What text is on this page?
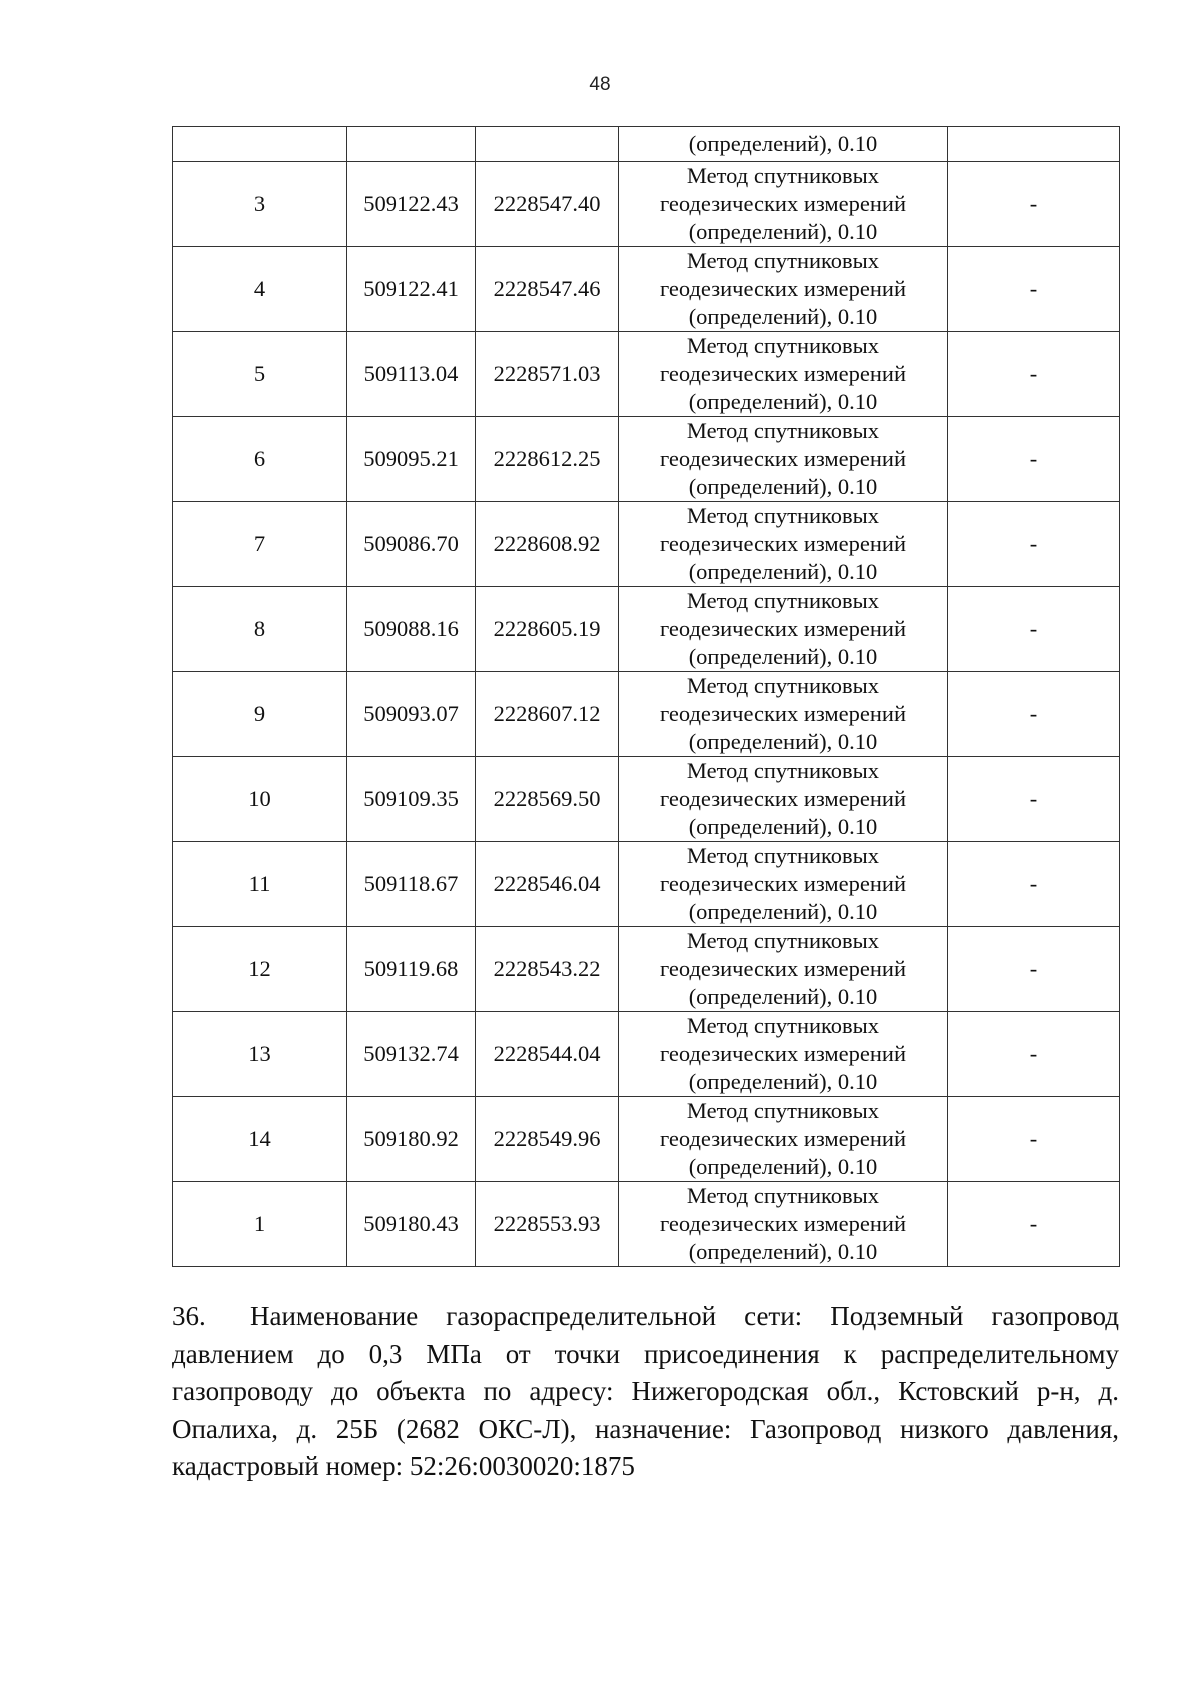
48
			(определений), 0.10	
3	509122.43	2228547.40	Метод спутниковых
геодезических измерений
(определений), 0.10	-
4	509122.41	2228547.46	Метод спутниковых
геодезических измерений
(определений), 0.10	-
5	509113.04	2228571.03	Метод спутниковых
геодезических измерений
(определений), 0.10	-
6	509095.21	2228612.25	Метод спутниковых
геодезических измерений
(определений), 0.10	-
7	509086.70	2228608.92	Метод спутниковых
геодезических измерений
(определений), 0.10	-
8	509088.16	2228605.19	Метод спутниковых
геодезических измерений
(определений), 0.10	-
9	509093.07	2228607.12	Метод спутниковых
геодезических измерений
(определений), 0.10	-
10	509109.35	2228569.50	Метод спутниковых
геодезических измерений
(определений), 0.10	-
11	509118.67	2228546.04	Метод спутниковых
геодезических измерений
(определений), 0.10	-
12	509119.68	2228543.22	Метод спутниковых
геодезических измерений
(определений), 0.10	-
13	509132.74	2228544.04	Метод спутниковых
геодезических измерений
(определений), 0.10	-
14	509180.92	2228549.96	Метод спутниковых
геодезических измерений
(определений), 0.10	-
1	509180.43	2228553.93	Метод спутниковых
геодезических измерений
(определений), 0.10	-

36. Наименование газораспределительной сети: Подземный газопровод давлением до 0,3 МПа от точки присоединения к распределительному газопроводу до объекта по адресу: Нижегородская обл., Кстовский р-н, д. Опалиха, д. 25Б (2682 ОКС-Л), назначение: Газопровод низкого давления, кадастровый номер: 52:26:0030020:1875
